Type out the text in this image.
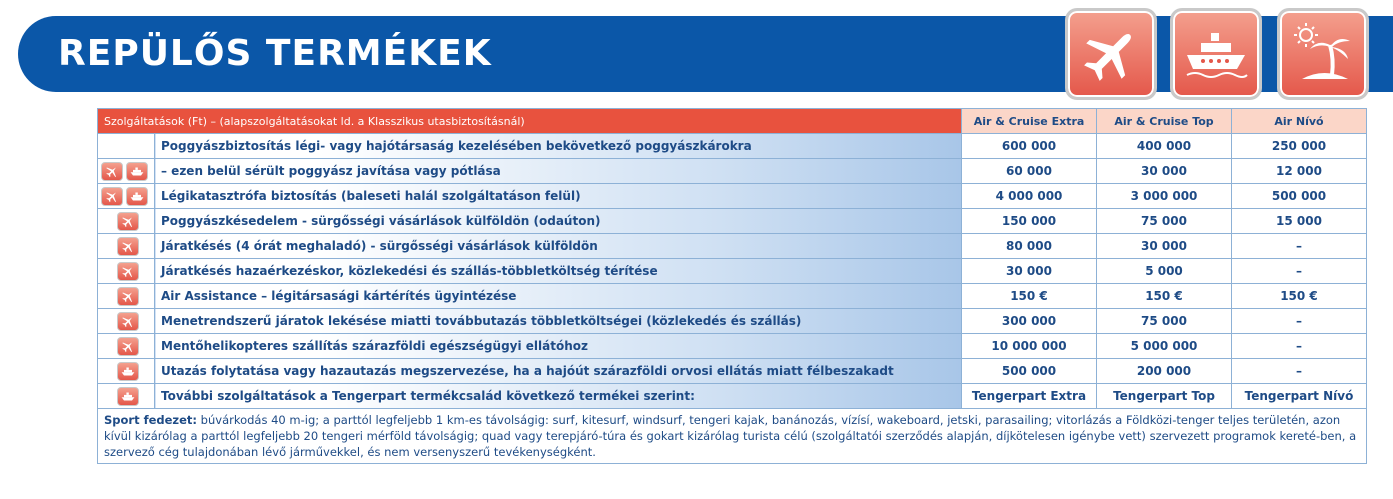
REPÜLŐS TERMÉKEK
Szolgáltatások (Ft) – (alapszolgáltatásokat ld. a Klasszikus utasbiztosításnál)		Air & Cruise Extra	Air & Cruise Top	Air Nívó
	Poggyászbiztosítás légi- vagy hajótársaság kezelésében bekövetkező poggyászkárokra	600 000	400 000	250 000

	– ezen belül sérült poggyász javítása vagy pótlása	60 000	30 000	12 000

	Légikatasztrófa biztosítás (baleseti halál szolgáltatáson felül)	4 000 000	3 000 000	500 000

	Poggyászkésedelem - sürgősségi vásárlások külföldön (odaúton)	150 000	75 000	15 000

	Járatkésés (4 órát meghaladó) - sürgősségi vásárlások külföldön	80 000	30 000	–

	Járatkésés hazaérkezéskor, közlekedési és szállás-többletköltség térítése	30 000	5 000	–

	Air Assistance – légitársasági kártérítés ügyintézése	150 €	150 €	150 €

	Menetrendszerű járatok lekésése miatti továbbutazás többletköltségei (közlekedés és szállás)	300 000	75 000	–

	Mentőhelikopteres szállítás szárazföldi egészségügyi ellátóhoz	10 000 000	5 000 000	–

	Utazás folytatása vagy hazautazás megszervezése, ha a hajóút szárazföldi orvosi ellátás miatt félbeszakadt	500 000	200 000	–

	További szolgáltatások a Tengerpart termékcsalád következő termékei szerint:	Tengerpart Extra	Tengerpart Top	Tengerpart Nívó
Sport fedezet: búvárkodás 40 m-ig; a parttól legfeljebb 1 km-es távolságig: surf, kitesurf, windsurf, tengeri kajak, banánozás, vízísí, wakeboard, jetski, parasailing; vitorlázás a Földközi-tenger teljes területén, azon kívül kizárólag a parttól legfeljebb 20 tengeri mérföld távolságig; quad vagy terepjáró-túra és gokart kizárólag turista célú (szolgáltatói szerződés alapján, díjkötelesen igénybe vett) szervezett programok kereté-ben, a szervező cég tulajdonában lévő járművekkel, és nem versenyszerű tevékenységként.				
